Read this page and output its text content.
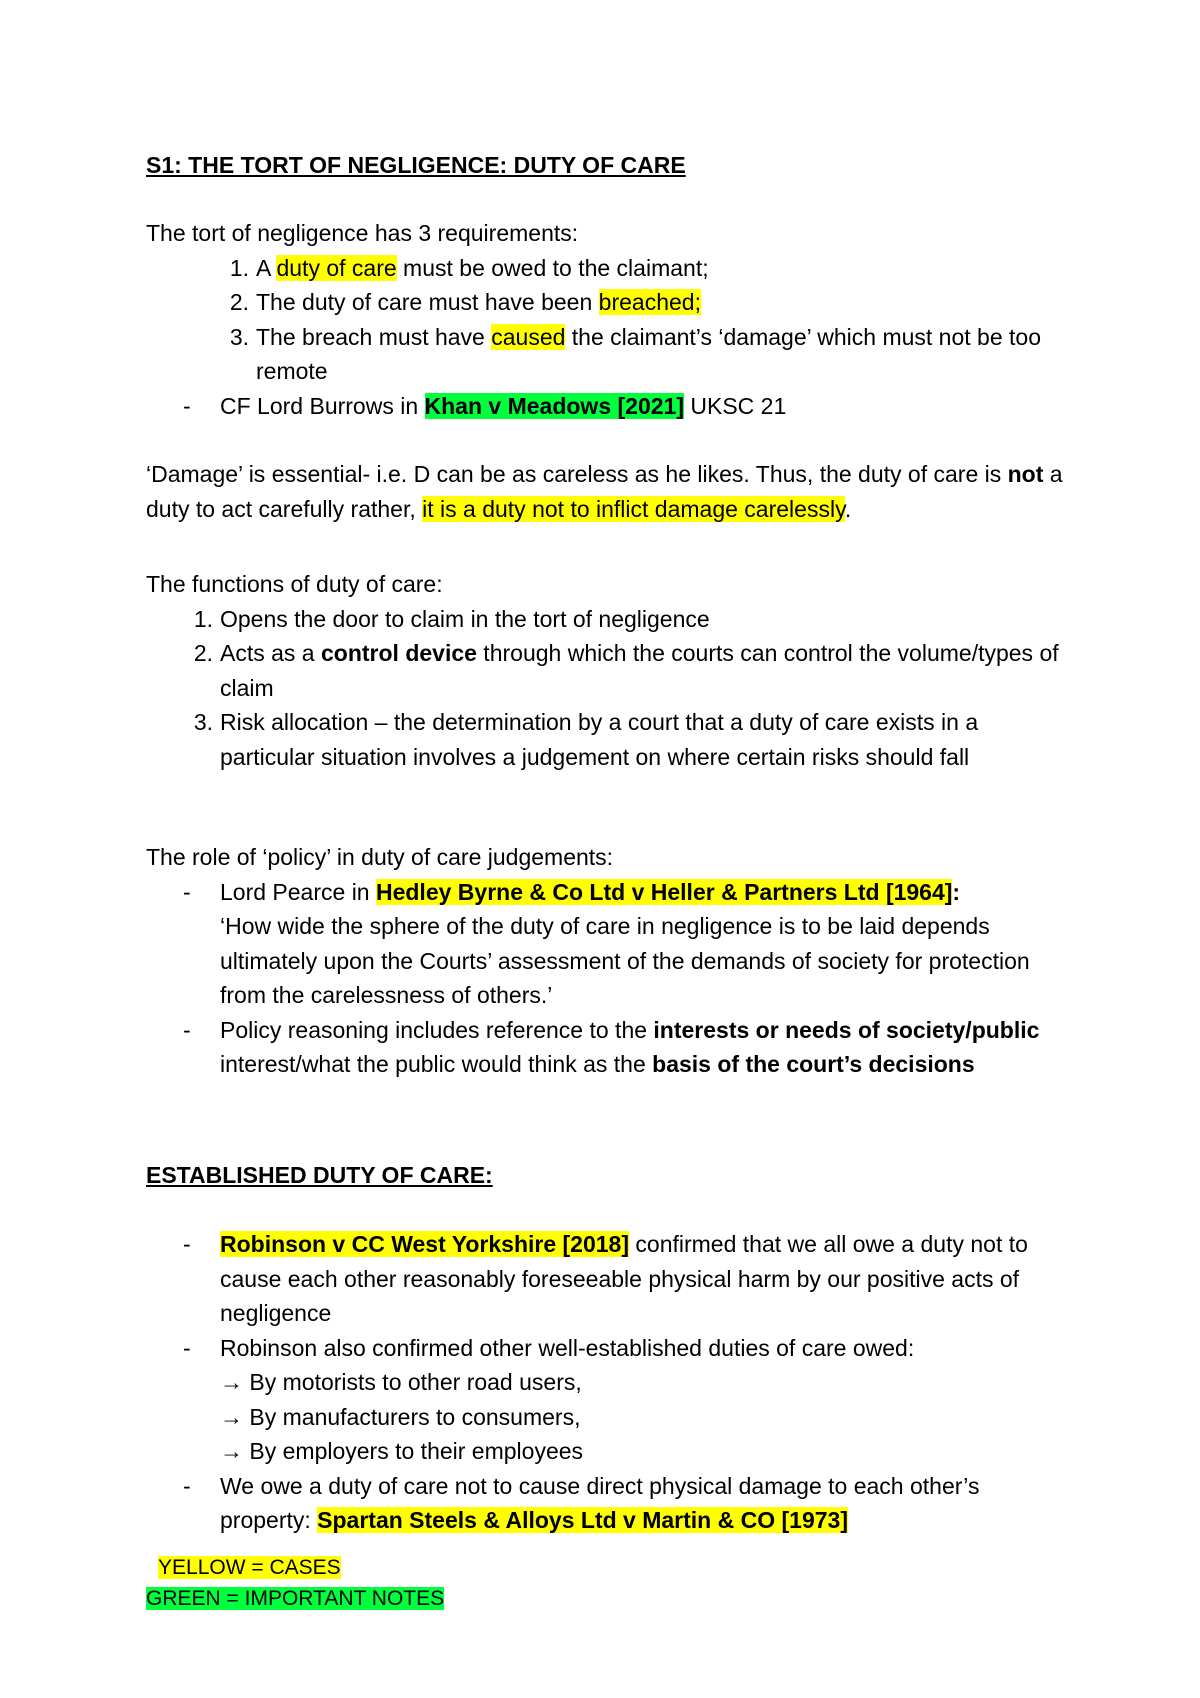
S1: THE TORT OF NEGLIGENCE: DUTY OF CARE

The tort of negligence has 3 requirements:

1. A duty of care must be owed to the claimant;
2. The duty of care must have been breached;
3. The breach must have caused the claimant’s ‘damage’ which must not be too remote
- CF Lord Burrows in Khan v Meadows [2021] UKSC 21

‘Damage’ is essential- i.e. D can be as careless as he likes. Thus, the duty of care is not a duty to act carefully rather, it is a duty not to inflict damage carelessly.

The functions of duty of care:

1. Opens the door to claim in the tort of negligence
2. Acts as a control device through which the courts can control the volume/types of claim
3. Risk allocation – the determination by a court that a duty of care exists in a particular situation involves a judgement on where certain risks should fall

The role of ‘policy’ in duty of care judgements:

- Lord Pearce in Hedley Byrne & Co Ltd v Heller & Partners Ltd [1964]:
‘How wide the sphere of the duty of care in negligence is to be laid depends ultimately upon the Courts’ assessment of the demands of society for protection from the carelessness of others.’
- Policy reasoning includes reference to the interests or needs of society/public interest/what the public would think as the basis of the court’s decisions

ESTABLISHED DUTY OF CARE:

- Robinson v CC West Yorkshire [2018] confirmed that we all owe a duty not to cause each other reasonably foreseeable physical harm by our positive acts of negligence
- Robinson also confirmed other well-established duties of care owed:
→ By motorists to other road users,
→ By manufacturers to consumers,
→ By employers to their employees
- We owe a duty of care not to cause direct physical damage to each other’s property: Spartan Steels & Alloys Ltd v Martin & CO [1973]
YELLOW = CASES
GREEN = IMPORTANT NOTES
